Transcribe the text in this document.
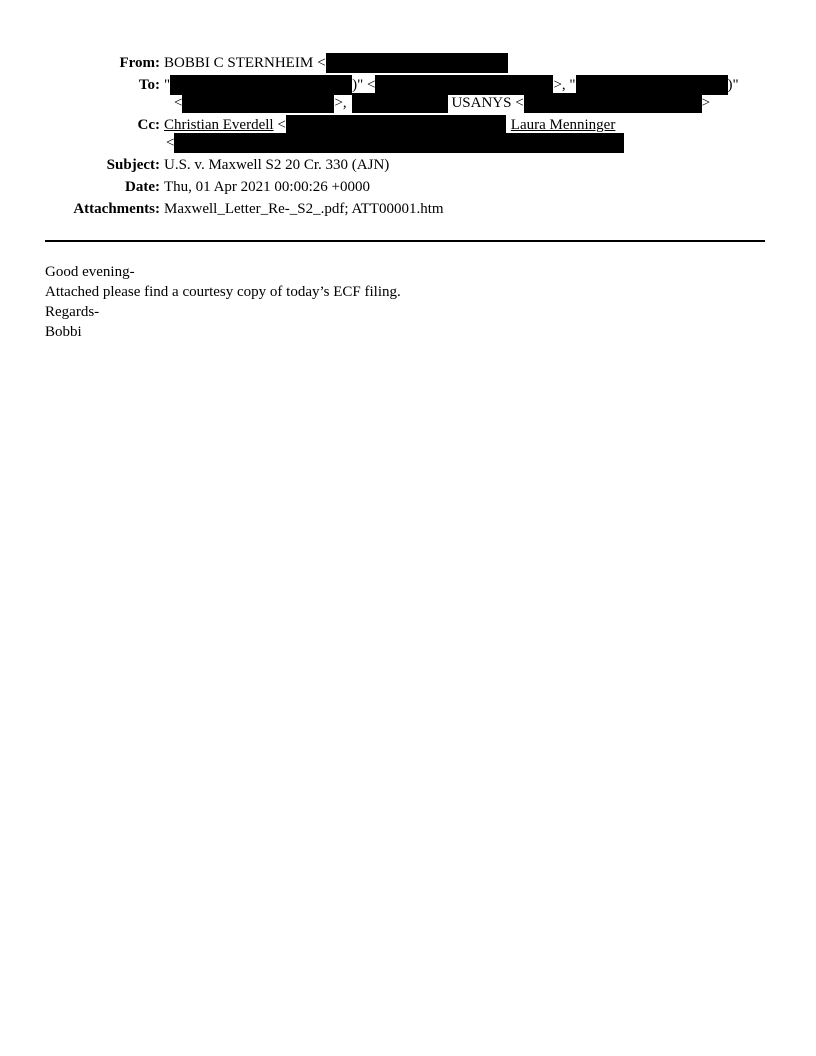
From: BOBBI C STERNHEIM <
To: "	)" <	>, "	)"
<	>,	USANYS <	>
Cc: Christian Everdell <	Laura Menninger
<
Subject: U.S. v. Maxwell S2 20 Cr. 330 (AJN)
Date: Thu, 01 Apr 2021 00:00:26 +0000
Attachments: Maxwell_Letter_Re-_S2_.pdf; ATT00001.htm
Good evening-
Attached please find a courtesy copy of today’s ECF filing.
Regards-
Bobbi
